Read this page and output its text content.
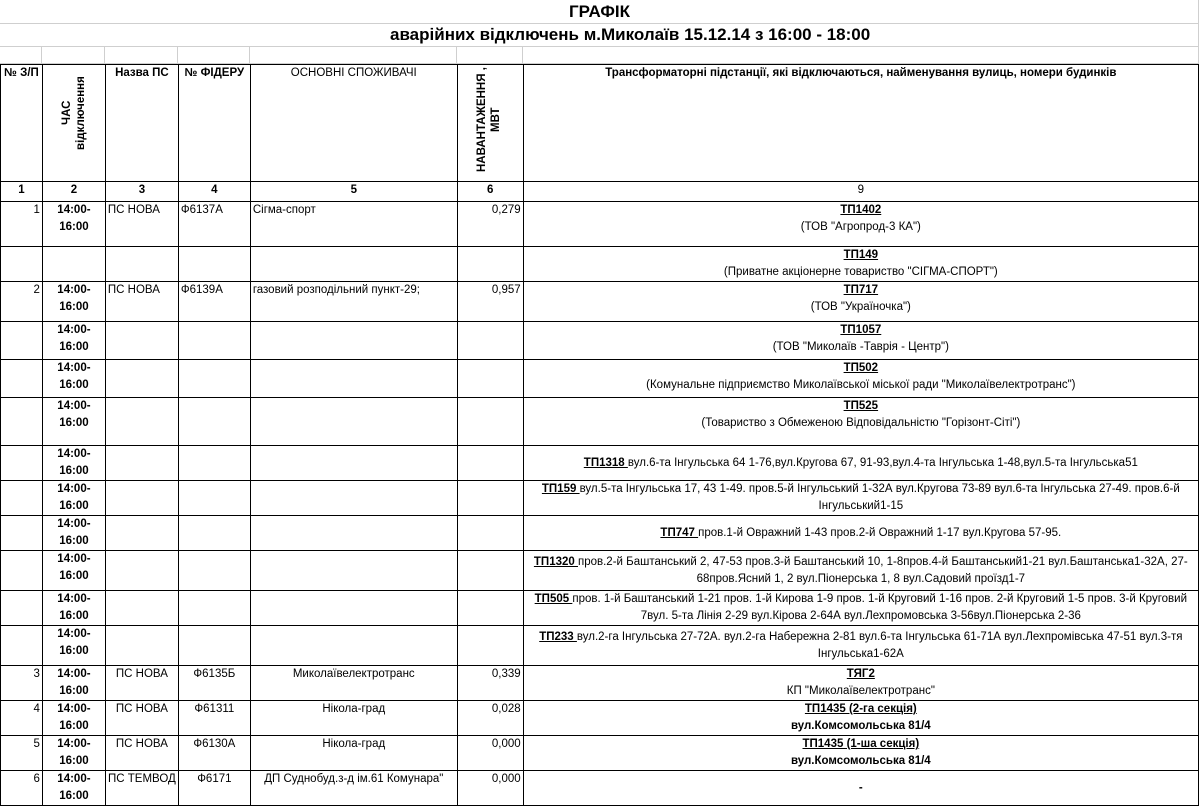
ГРАФІК
аварійних відключень м.Миколаїв 15.12.14 з 16:00 - 18:00
№ З/П	ЧАС відключення	Назва ПС	№ ФІДЕРУ	ОСНОВНІ СПОЖИВАЧІ	НАВАНТАЖЕННЯ , МВТ	Трансформаторні підстанції, які відключаються, найменування вулиць, номери будинків
1	2	3	4	5	6	9
1	14:00-16:00	ПС НОВА	Ф6137А	Сігма-спорт	0,279	ТП1402
(ТОВ "Агропрод-3 КА")
						ТП149
(Приватне акціонерне товариство "СІГМА-СПОРТ")
2	14:00-16:00	ПС НОВА	Ф6139А	газовий розподільний пункт-29;	0,957	ТП717
(ТОВ "Україночка")
	14:00-16:00					ТП1057
(ТОВ "Миколаїв -Таврія - Центр")
	14:00-16:00					ТП502
(Комунальне підприємство Миколаївської міської ради "Миколаївелектротранс")
	14:00-16:00					ТП525
(Товариство з Обмеженою Відповідальністю "Горізонт-Сіті")
	14:00-16:00					ТП1318 вул.6-та Інгульська 64 1-76,вул.Кругова 67, 91-93,вул.4-та Інгульська 1-48,вул.5-та Інгульська51
	14:00-16:00					ТП159 вул.5-та Інгульська 17, 43 1-49. пров.5-й Інгульський 1-32А вул.Кругова 73-89 вул.6-та Інгульська 27-49. пров.6-й Інгульський1-15
	14:00-16:00					ТП747 пров.1-й Овражний 1-43 пров.2-й Овражний 1-17 вул.Кругова 57-95.
	14:00-16:00					ТП1320 пров.2-й Баштанський 2, 47-53 пров.3-й Баштанський 10, 1-8пров.4-й Баштанський1-21 вул.Баштанська1-32А, 27-68пров.Ясний 1, 2 вул.Піонерська 1, 8 вул.Садовий проїзд1-7
	14:00-16:00					ТП505 пров. 1-й Баштанський 1-21 пров. 1-й Кирова 1-9 пров. 1-й Круговий 1-16 пров. 2-й Круговий 1-5 пров. 3-й Круговий 7вул. 5-та Лінія 2-29 вул.Кірова 2-64А вул.Лехпромовська 3-56вул.Піонерська 2-36
	14:00-16:00					ТП233 вул.2-га Інгульська 27-72А. вул.2-га Набережна 2-81 вул.6-та Інгульська 61-71А вул.Лехпромівська 47-51 вул.3-тя Інгульська1-62А
3	14:00-16:00	ПС НОВА	Ф6135Б	Миколаївелектротранс	0,339	ТЯГ2
КП "Миколаївелектротранс"
4	14:00-16:00	ПС НОВА	Ф61311	Нікола-град	0,028	ТП1435 (2-га секція)
вул.Комсомольська 81/4
5	14:00-16:00	ПС НОВА	Ф6130А	Нікола-град	0,000	ТП1435 (1-ша секція)
вул.Комсомольська 81/4
6	14:00-16:00	ПС ТЕМВОД	Ф6171	ДП Суднобуд.з-д ім.61 Комунара"	0,000	-
